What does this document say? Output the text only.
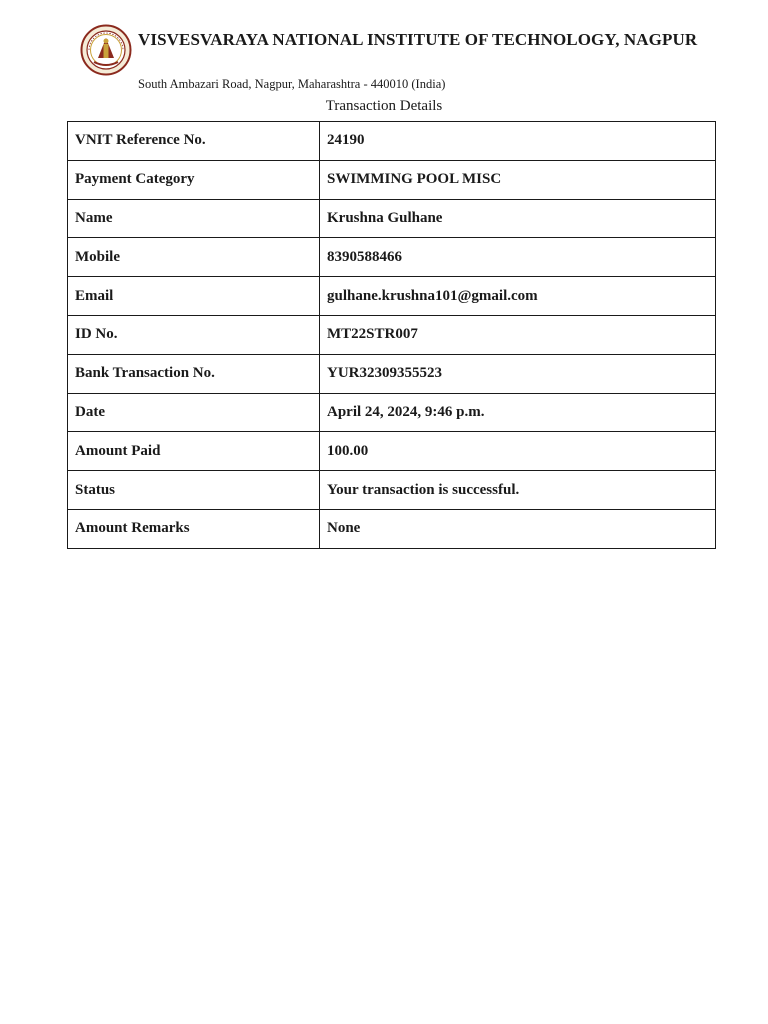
VISVESVARAYA NATIONAL INSTITUTE OF TECHNOLOGY, NAGPUR
South Ambazari Road, Nagpur, Maharashtra - 440010 (India)
Transaction Details
VNIT Reference No.	24190
Payment Category	SWIMMING POOL MISC
Name	Krushna Gulhane
Mobile	8390588466
Email	gulhane.krushna101@gmail.com
ID No.	MT22STR007
Bank Transaction No.	YUR32309355523
Date	April 24, 2024, 9:46 p.m.
Amount Paid	100.00
Status	Your transaction is successful.
Amount Remarks	None
